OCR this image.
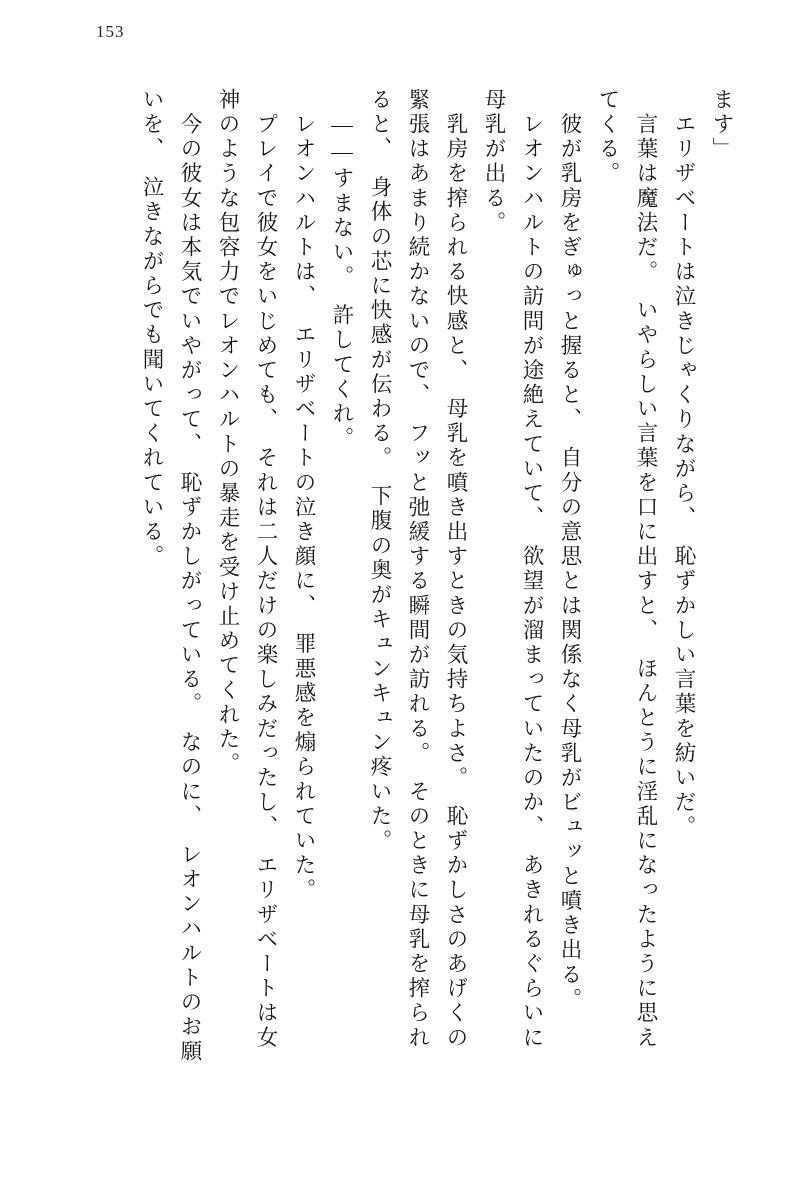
153
ます」
　エリザベートは泣きじゃくりながら、　恥ずかしい言葉を紡いだ。
　言葉は魔法だ。　いやらしい言葉を口に出すと、　ほんとうに淫乱になったように思え
てくる。
　彼が乳房をぎゅっと握ると、　自分の意思とは関係なく母乳がビュッと噴き出る。
　レオンハルトの訪問が途絶えていて、　欲望が溜まっていたのか、　あきれるぐらいに
母乳が出る。
　乳房を搾られる快感と、　母乳を噴き出すときの気持ちよさ。　恥ずかしさのあげくの
緊張はあまり続かないので、　フッと弛緩する瞬間が訪れる。　そのときに母乳を搾られ
ると、　身体の芯に快感が伝わる。　下腹の奥がキュンキュン疼いた。
　――すまない。　許してくれ。
　レオンハルトは、　エリザベートの泣き顔に、　罪悪感を煽られていた。
　プレイで彼女をいじめても、　それは二人だけの楽しみだったし、　エリザベートは女
神のような包容力でレオンハルトの暴走を受け止めてくれた。
　今の彼女は本気でいやがって、　恥ずかしがっている。　なのに、　レオンハルトのお願
いを、　泣きながらでも聞いてくれている。
